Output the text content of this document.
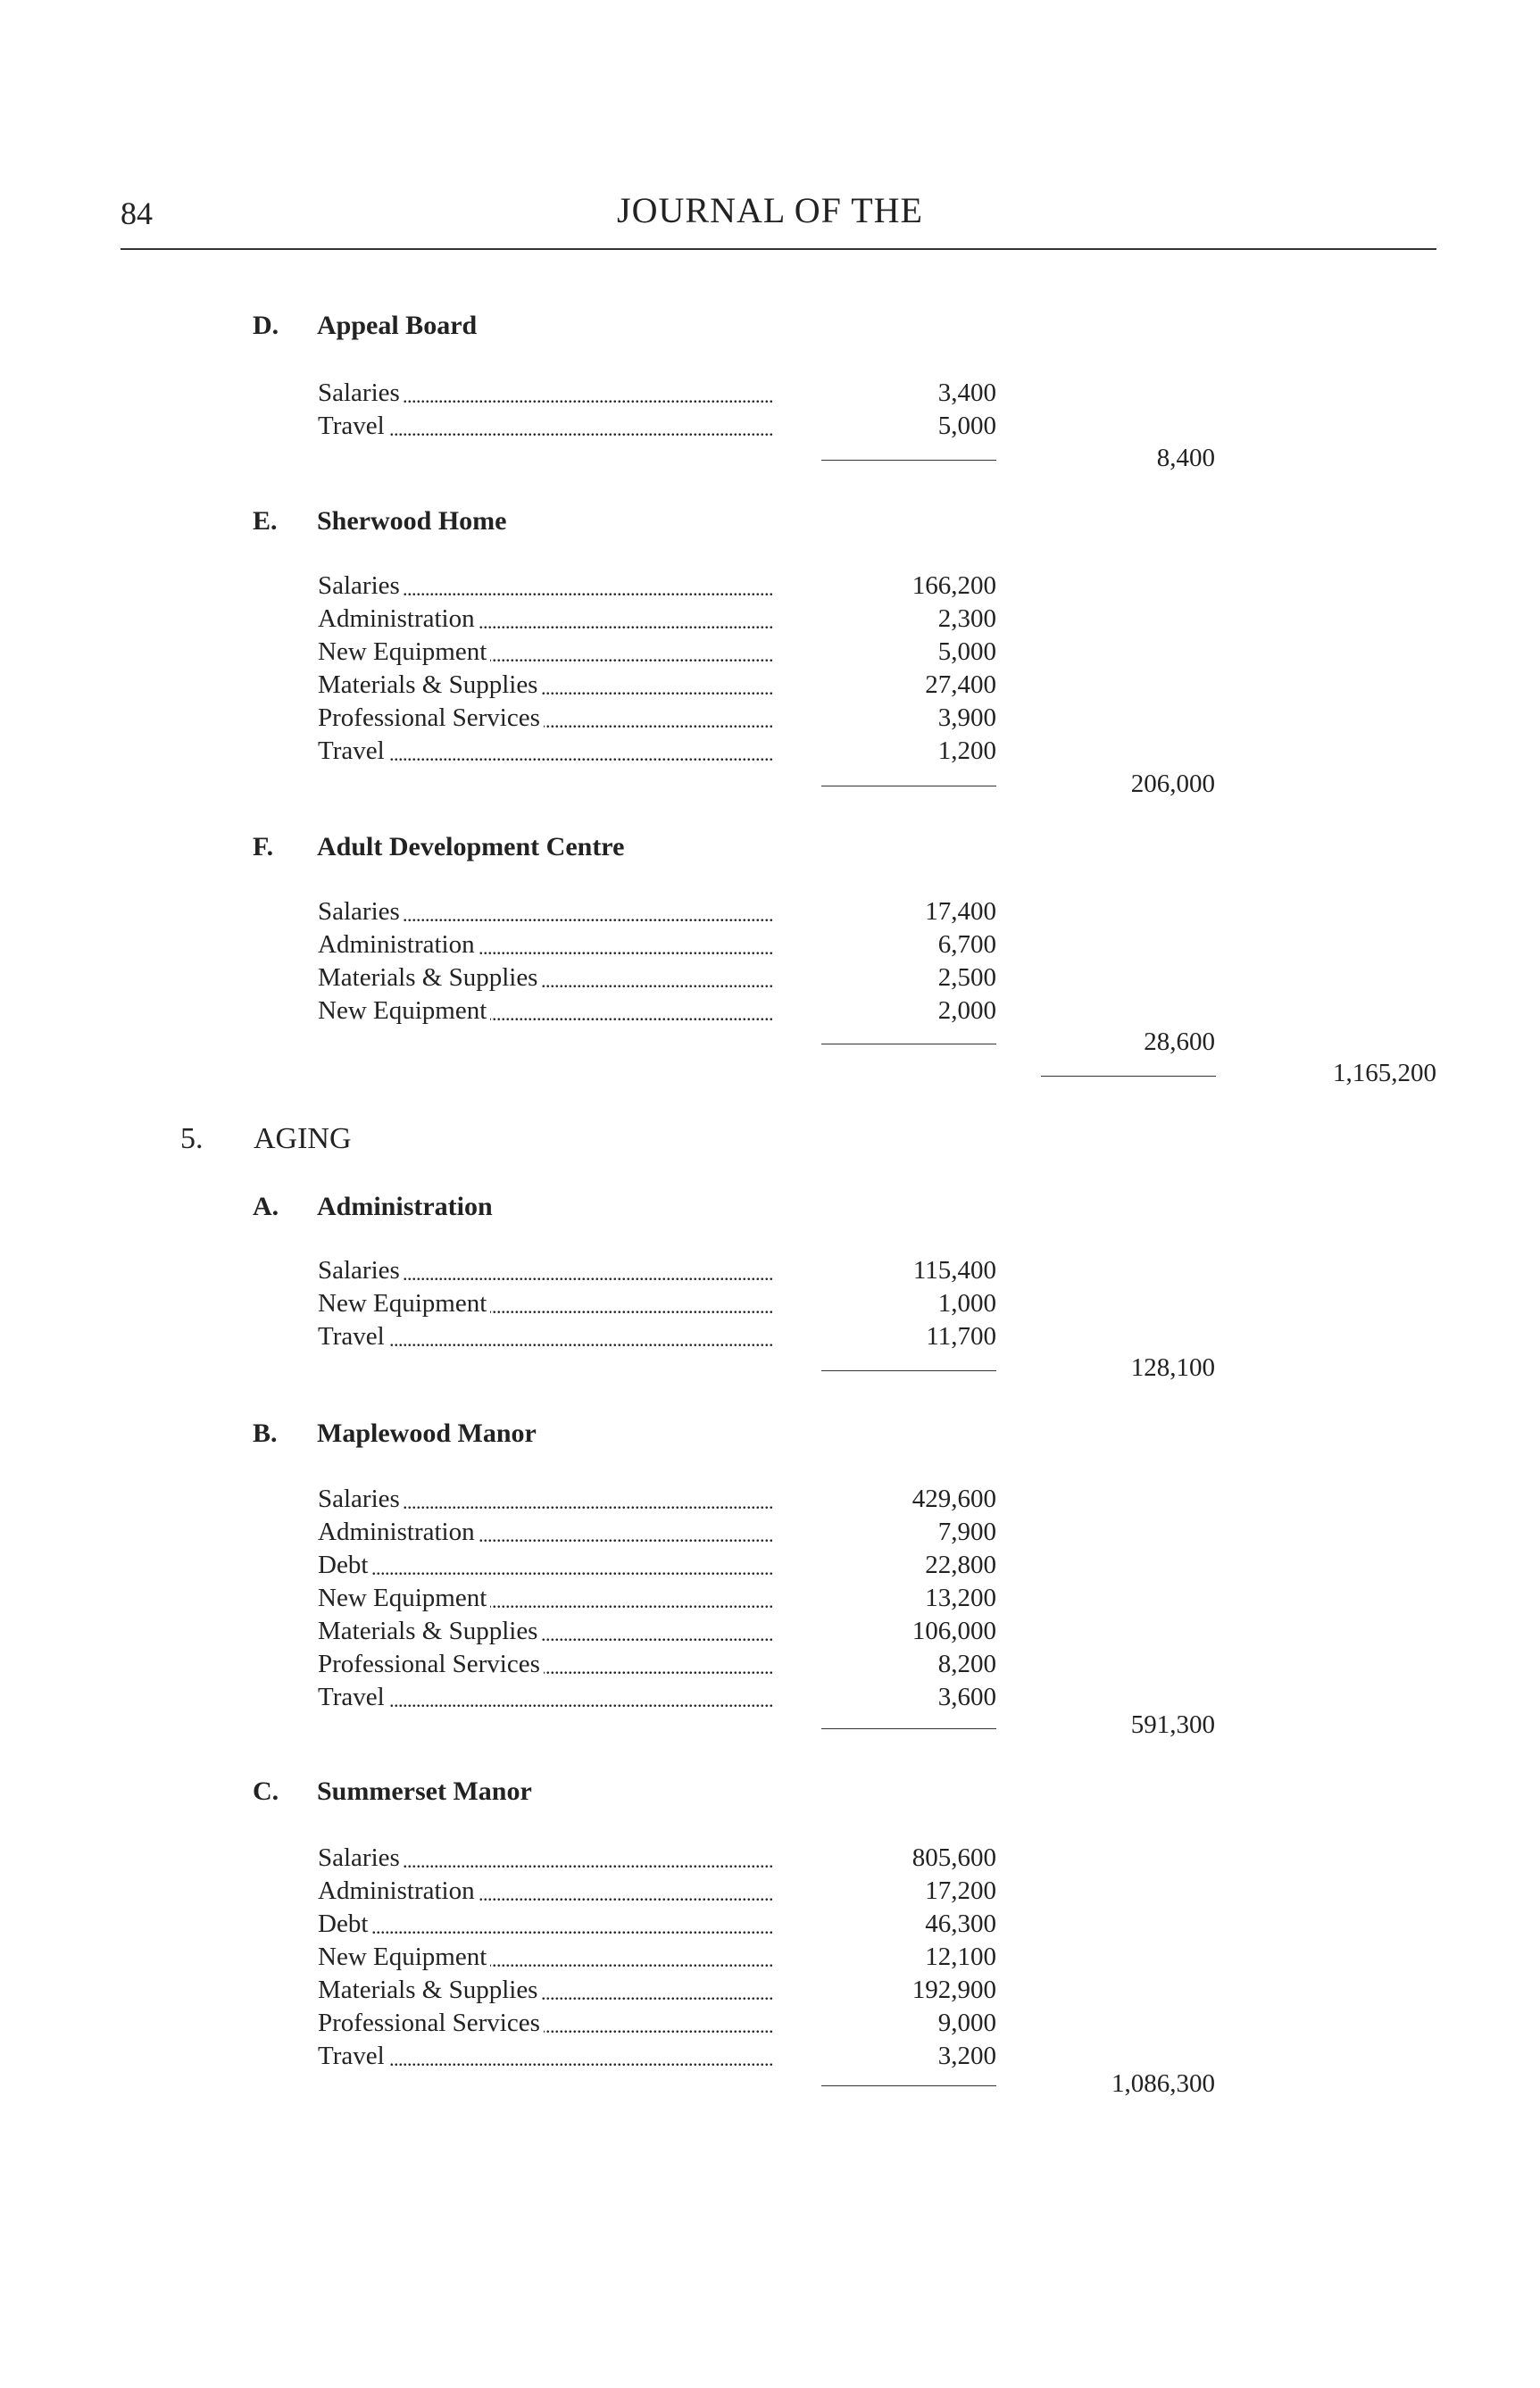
84	JOURNAL OF THE
D. Appeal Board
Salaries . . .	3,400
Travel . . .	5,000
8,400
E. Sherwood Home
Salaries . . .	166,200
Administration . . .	2,300
New Equipment . . .	5,000
Materials & Supplies . . .	27,400
Professional Services . . .	3,900
Travel . . .	1,200
206,000
F. Adult Development Centre
Salaries . . .	17,400
Administration . . .	6,700
Materials & Supplies . . .	2,500
New Equipment . . .	2,000
28,600
1,165,200
5. AGING
A. Administration
Salaries . . .	115,400
New Equipment . . .	1,000
Travel . . .	11,700
128,100
B. Maplewood Manor
Salaries . . .	429,600
Administration . . .	7,900
Debt . . .	22,800
New Equipment . . .	13,200
Materials & Supplies . . .	106,000
Professional Services . . .	8,200
Travel . . .	3,600
591,300
C. Summerset Manor
Salaries . . .	805,600
Administration . . .	17,200
Debt . . .	46,300
New Equipment . . .	12,100
Materials & Supplies . . .	192,900
Professional Services . . .	9,000
Travel . . .	3,200
1,086,300
